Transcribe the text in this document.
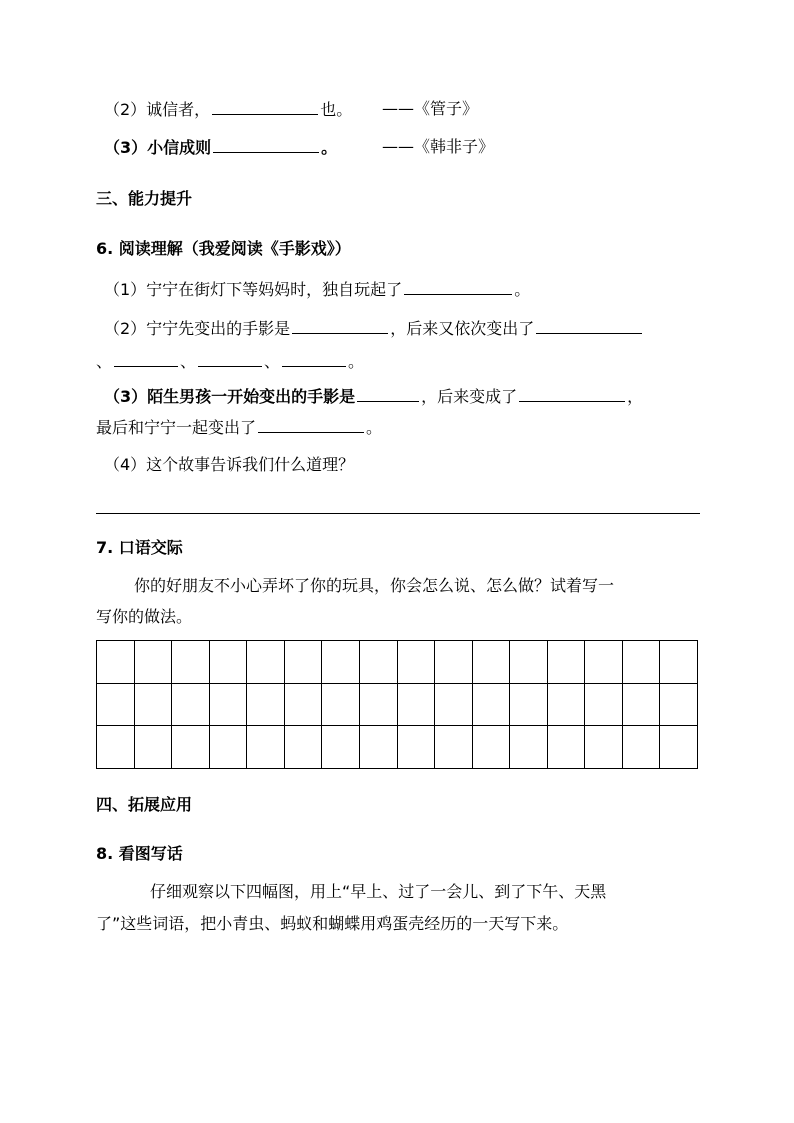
（2）诚信者，	也。 ——《管子》
（3）小信成则	。	——《韩非子》
三、能力提升
6. 阅读理解（我爱阅读《手影戏》）
（1）宁宁在街灯下等妈妈时，独自玩起了	。
（2）宁宁先变出的手影是	，后来又依次变出了
、	、	、	。
（3）陌生男孩一开始变出的手影是	，后来变成了	，
最后和宁宁一起变出了	。
（4）这个故事告诉我们什么道理？
7. 口语交际
你的好朋友不小心弄坏了你的玩具，你会怎么说、怎么做？试着写一
写你的做法。

四、拓展应用
8. 看图写话
仔细观察以下四幅图，用上“早上、过了一会儿、到了下午、天黑
了”这些词语，把小青虫、蚂蚁和蝴蝶用鸡蛋壳经历的一天写下来。
